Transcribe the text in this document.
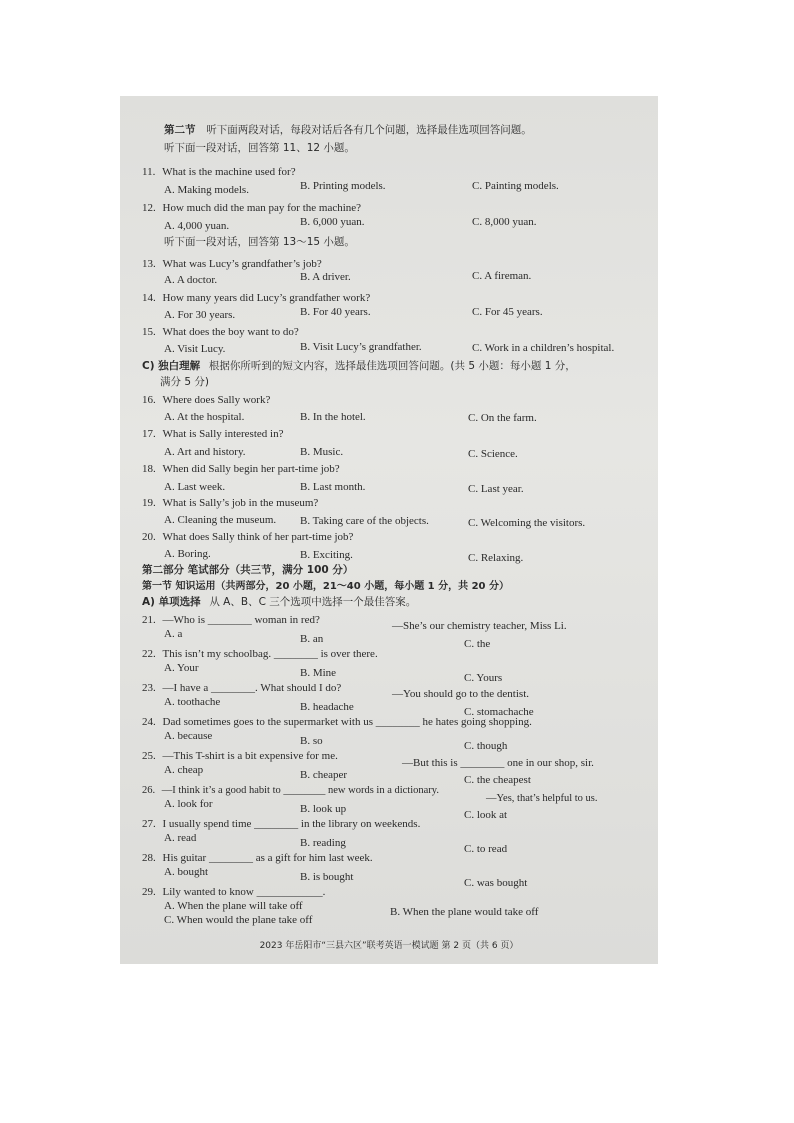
第二节 听下面两段对话，每段对话后各有几个问题，选择最佳选项回答问题。
听下面一段对话，回答第 11、12 小题。
11. What is the machine used for?
A. Making models.	B. Printing models.	C. Painting models.
12. How much did the man pay for the machine?
A. 4,000 yuan.	B. 6,000 yuan.	C. 8,000 yuan.
听下面一段对话，回答第 13～15 小题。
13. What was Lucy’s grandfather’s job?
A. A doctor.	B. A driver.	C. A fireman.
14. How many years did Lucy’s grandfather work?
A. For 30 years.	B. For 40 years.	C. For 45 years.
15. What does the boy want to do?
A. Visit Lucy.	B. Visit Lucy’s grandfather.	C. Work in a children’s hospital.
C) 独白理解 根据你所听到的短文内容，选择最佳选项回答问题。(共 5 小题：每小题 1 分，
满分 5 分)
16. Where does Sally work?
A. At the hospital.	B. In the hotel.	C. On the farm.
17. What is Sally interested in?
A. Art and history.	B. Music.	C. Science.
18. When did Sally begin her part-time job?
A. Last week.	B. Last month.	C. Last year.
19. What is Sally’s job in the museum?
A. Cleaning the museum. B. Taking care of the objects.	C. Welcoming the visitors.
20. What does Sally think of her part-time job?
A. Boring.	B. Exciting.	C. Relaxing.
第二部分 笔试部分（共三节，满分 100 分）
第一节 知识运用（共两部分，20 小题，21～40 小题，每小题 1 分，共 20 分）
A) 单项选择 从 A、B、C 三个选项中选择一个最佳答案。
21. —Who is ________ woman in red?	—She’s our chemistry teacher, Miss Li.
A. a	B. an	C. the
22. This isn’t my schoolbag. ________ is over there.
A. Your	B. Mine	C. Yours
23. —I have a ________. What should I do?	—You should go to the dentist.
A. toothache	B. headache	C. stomachache
24. Dad sometimes goes to the supermarket with us ________ he hates going shopping.
A. because	B. so	C. though
25. —This T-shirt is a bit expensive for me.
—But this is ________ one in our shop, sir.
A. cheap	B. cheaper	C. the cheapest
26. —I think it’s a good habit to ________ new words in a dictionary.
—Yes, that’s helpful to us.
A. look for	B. look up	C. look at
27. I usually spend time ________ in the library on weekends.
A. read	B. reading	C. to read
28. His guitar ________ as a gift for him last week.
A. bought	B. is bought	C. was bought
29. Lily wanted to know ____________.
A. When the plane will take off	B. When the plane would take off
C. When would the plane take off
2023 年岳阳市“三县六区”联考英语一模试题 第 2 页（共 6 页）
